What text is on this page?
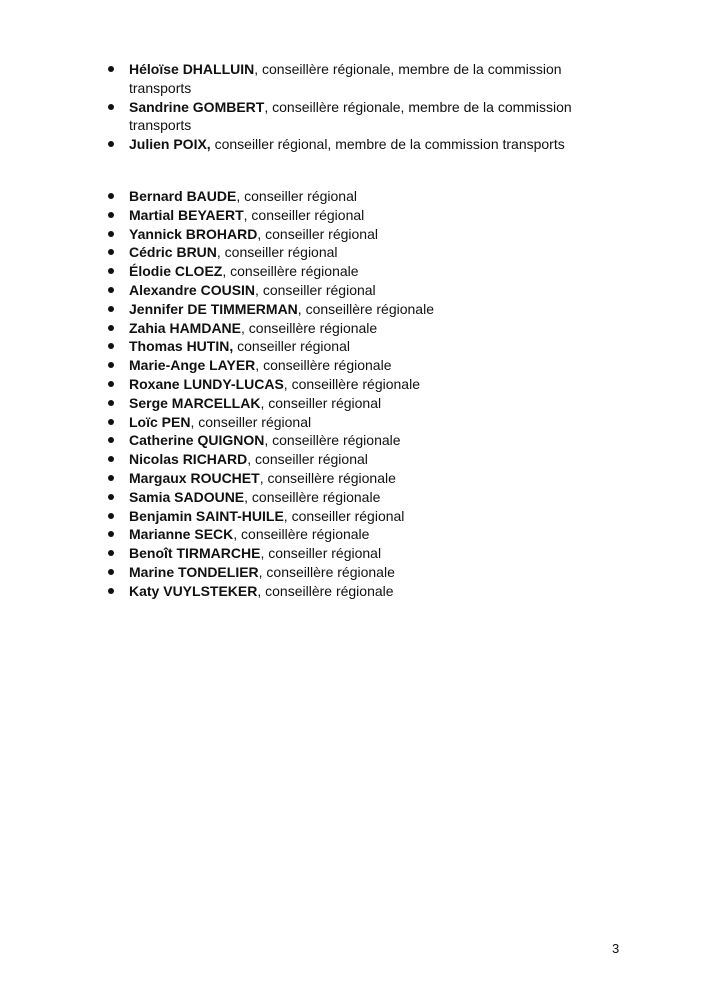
Héloïse DHALLUIN, conseillère régionale, membre de la commission transports
Sandrine GOMBERT, conseillère régionale, membre de la commission transports
Julien POIX, conseiller régional, membre de la commission transports
Bernard BAUDE, conseiller régional
Martial BEYAERT, conseiller régional
Yannick BROHARD, conseiller régional
Cédric BRUN, conseiller régional
Élodie CLOEZ, conseillère régionale
Alexandre COUSIN, conseiller régional
Jennifer DE TIMMERMAN, conseillère régionale
Zahia HAMDANE, conseillère régionale
Thomas HUTIN, conseiller régional
Marie-Ange LAYER, conseillère régionale
Roxane LUNDY-LUCAS, conseillère régionale
Serge MARCELLAK, conseiller régional
Loïc PEN, conseiller régional
Catherine QUIGNON, conseillère régionale
Nicolas RICHARD, conseiller régional
Margaux ROUCHET, conseillère régionale
Samia SADOUNE, conseillère régionale
Benjamin SAINT-HUILE, conseiller régional
Marianne SECK, conseillère régionale
Benoît TIRMARCHE, conseiller régional
Marine TONDELIER, conseillère régionale
Katy VUYLSTEKER, conseillère régionale
3
